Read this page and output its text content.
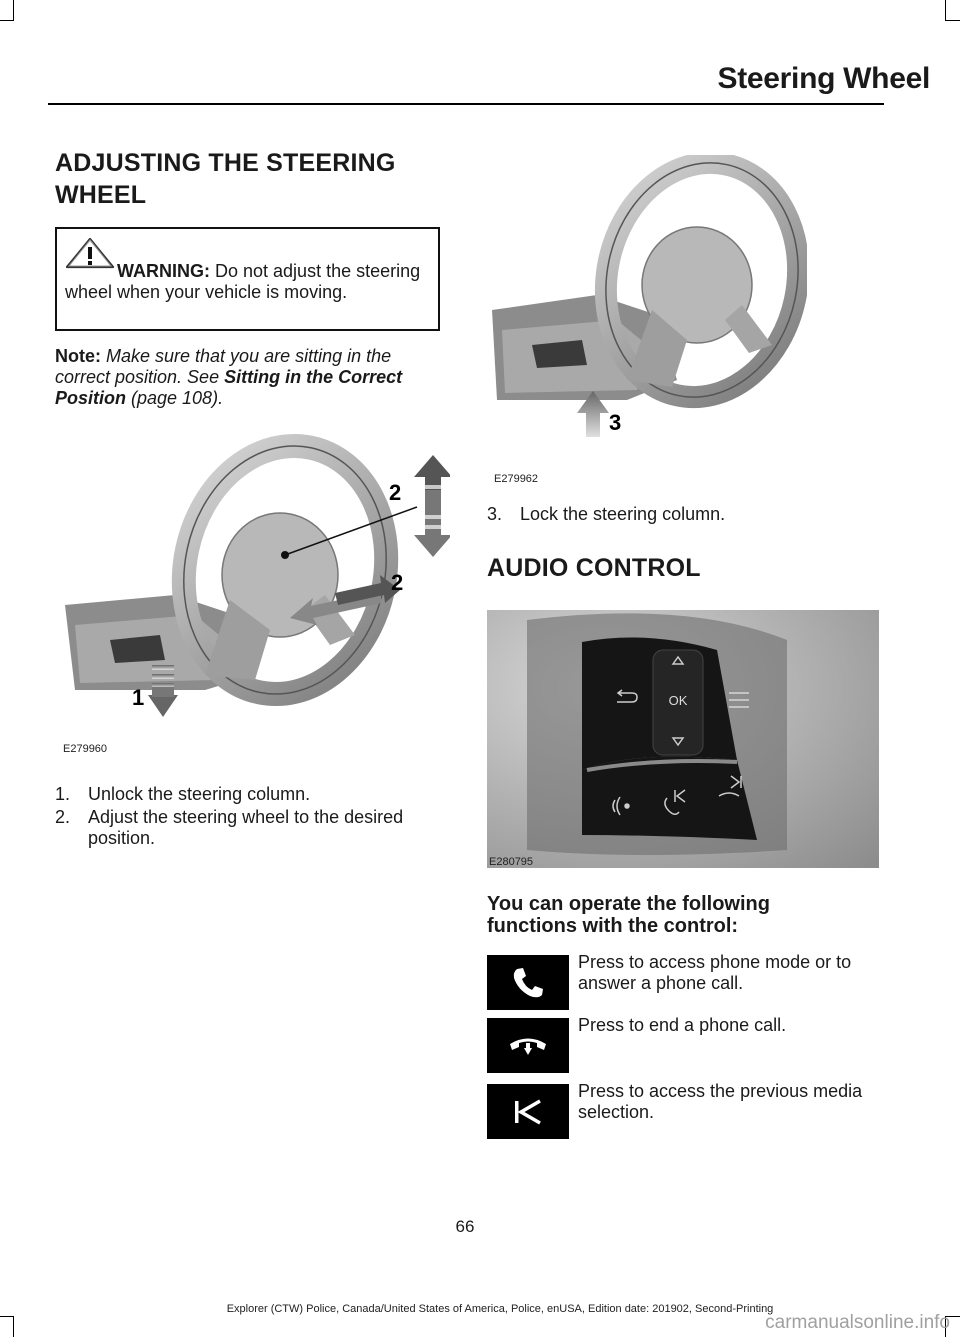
Steering Wheel
ADJUSTING THE STEERING
WHEEL
WARNING: Do not adjust the steering wheel when your vehicle is moving.
Note: Make sure that you are sitting in the correct position. See Sitting in the Correct Position (page 108).
2
2
1
E279960
1. Unlock the steering column.
2. Adjust the steering wheel to the desired position.
3
E279962
3. Lock the steering column.
AUDIO CONTROL
OK
E280795
You can operate the following functions with the control:
Press to access phone mode or to answer a phone call.
Press to end a phone call.
Press to access the previous media selection.
66
Explorer (CTW) Police, Canada/United States of America, Police, enUSA, Edition date: 201902, Second-Printing
carmanualsonline.info
